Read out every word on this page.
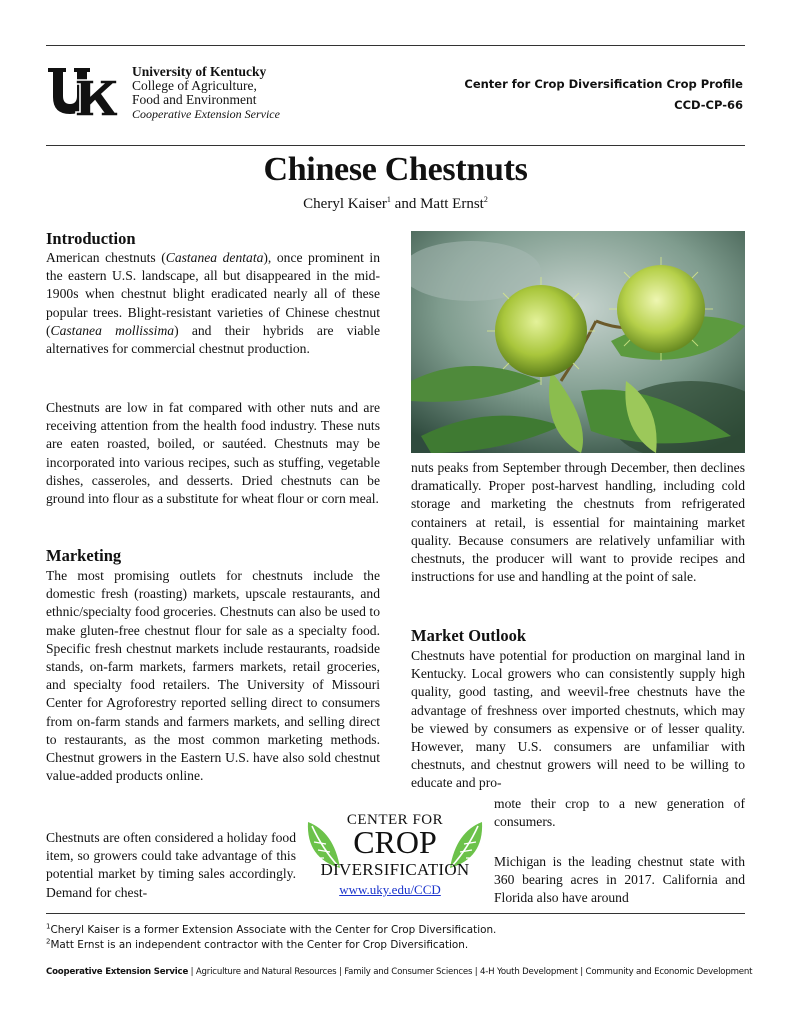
University of Kentucky
College of Agriculture,
Food and Environment
Cooperative Extension Service
Center for Crop Diversification Crop Profile
CCD-CP-66
Chinese Chestnuts
Cheryl Kaiser$^1$ and Matt Ernst$^2$
Introduction
American chestnuts (Castanea dentata), once prominent in the eastern U.S. landscape, all but disappeared in the mid-1900s when chestnut blight eradicated nearly all of these popular trees. Blight-resistant varieties of Chinese chestnut (Castanea mollissima) and their hybrids are viable alternatives for commercial chestnut production.
Chestnuts are low in fat compared with other nuts and are receiving attention from the health food industry. These nuts are eaten roasted, boiled, or sautéed. Chestnuts may be incorporated into various recipes, such as stuffing, vegetable dishes, casseroles, and desserts. Dried chestnuts can be ground into flour as a substitute for wheat flour or corn meal.
Marketing
The most promising outlets for chestnuts include the domestic fresh (roasting) markets, upscale restaurants, and ethnic/specialty food groceries. Chestnuts can also be used to make gluten-free chestnut flour for sale as a specialty food. Specific fresh chestnut markets include restaurants, roadside stands, on-farm markets, farmers markets, retail groceries, and specialty food retailers. The University of Missouri Center for Agroforestry reported selling direct to consumers from on-farm stands and farmers markets, and selling direct to restaurants, as the most common marketing methods. Chestnut growers in the Eastern U.S. have also sold chestnut value-added products online.
Chestnuts are often considered a holiday food item, so growers could take advantage of this potential market by timing sales accordingly. Demand for chest-
nuts peaks from September through December, then declines dramatically. Proper post-harvest handling, including cold storage and marketing the chestnuts from refrigerated containers at retail, is essential for maintaining market quality. Because consumers are relatively unfamiliar with chestnuts, the producer will want to provide recipes and instructions for use and handling at the point of sale.
Market Outlook
Chestnuts have potential for production on marginal land in Kentucky. Local growers who can consistently supply high quality, good tasting, and weevil-free chestnuts have the advantage of freshness over imported chestnuts, which may be viewed by consumers as expensive or of lesser quality. However, many U.S. consumers are unfamiliar with chestnuts, and chestnut growers will need to be willing to educate and pro-
mote their crop to a new generation of consumers.
Michigan is the leading chestnut state with 360 bearing acres in 2017. California and Florida also have around
CENTER FOR
CROP
DIVERSIFICATION
www.uky.edu/CCD
$^1$Cheryl Kaiser is a former Extension Associate with the Center for Crop Diversification.
$^2$Matt Ernst is an independent contractor with the Center for Crop Diversification.
Cooperative Extension Service | Agriculture and Natural Resources | Family and Consumer Sciences | 4-H Youth Development | Community and Economic Development
